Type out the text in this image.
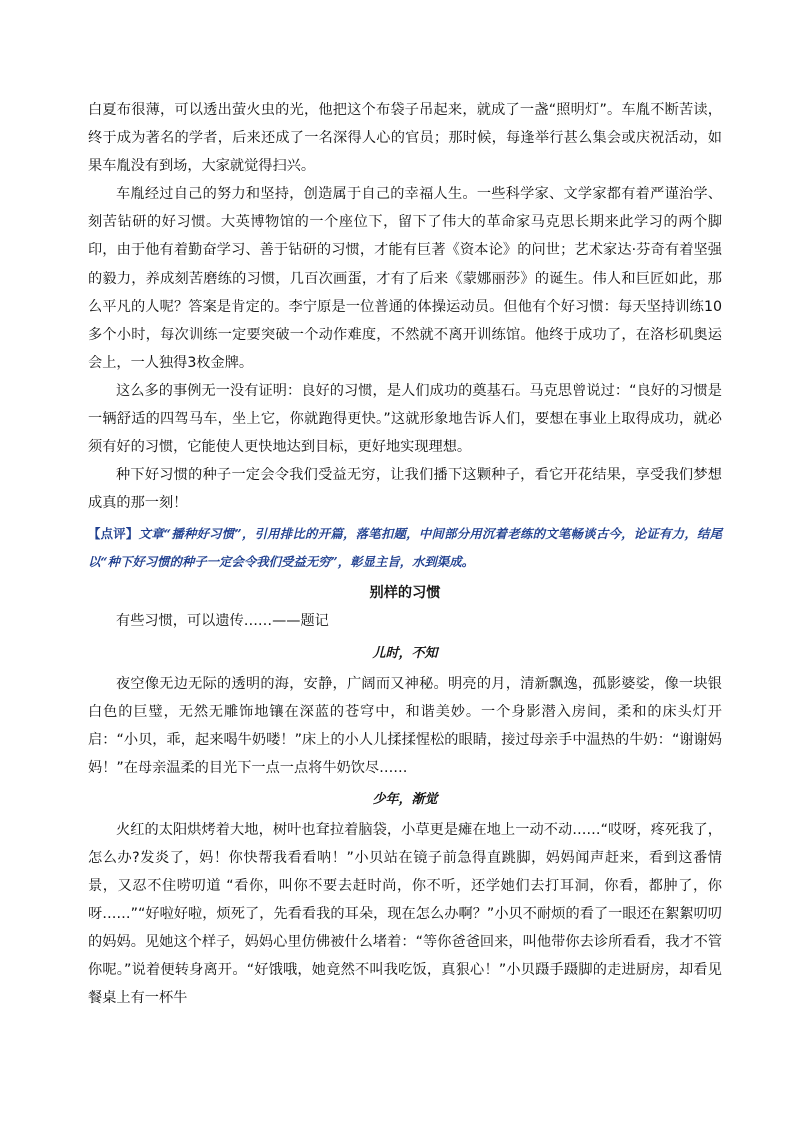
白夏布很薄，可以透出萤火虫的光，他把这个布袋子吊起来，就成了一盏“照明灯”。车胤不断苦读，终于成为著名的学者，后来还成了一名深得人心的官员；那时候，每逢举行甚么集会或庆祝活动，如果车胤没有到场，大家就觉得扫兴。

车胤经过自己的努力和坚持，创造属于自己的幸福人生。一些科学家、文学家都有着严谨治学、刻苦钻研的好习惯。大英博物馆的一个座位下，留下了伟大的革命家马克思长期来此学习的两个脚印，由于他有着勤奋学习、善于钻研的习惯，才能有巨著《资本论》的问世；艺术家达·芬奇有着坚强的毅力，养成刻苦磨练的习惯，几百次画蛋，才有了后来《蒙娜丽莎》的诞生。伟人和巨匠如此，那么平凡的人呢？答案是肯定的。李宁原是一位普通的体操运动员。但他有个好习惯：每天坚持训练10多个小时，每次训练一定要突破一个动作难度，不然就不离开训练馆。他终于成功了，在洛杉矶奥运会上，一人独得3枚金牌。

这么多的事例无一没有证明：良好的习惯，是人们成功的奠基石。马克思曾说过：“良好的习惯是一辆舒适的四驾马车，坐上它，你就跑得更快。”这就形象地告诉人们，要想在事业上取得成功，就必须有好的习惯，它能使人更快地达到目标，更好地实现理想。

种下好习惯的种子一定会令我们受益无穷，让我们播下这颗种子，看它开花结果，享受我们梦想成真的那一刻！

【点评】文章“播种好习惯”，引用排比的开篇，落笔扣题，中间部分用沉着老练的文笔畅谈古今，论证有力，结尾以“种下好习惯的种子一定会令我们受益无穷”，彰显主旨，水到渠成。

别样的习惯

有些习惯，可以遗传……——题记

儿时，不知

夜空像无边无际的透明的海，安静，广阔而又神秘。明亮的月，清新飘逸，孤影婆娑，像一块银白色的巨璧，无然无雕饰地镶在深蓝的苍穹中，和谐美妙。一个身影潜入房间，柔和的床头灯开启：“小贝，乖，起来喝牛奶喽！”床上的小人儿揉揉惺松的眼睛，接过母亲手中温热的牛奶：“谢谢妈妈！”在母亲温柔的目光下一点一点将牛奶饮尽……

少年，渐觉

火红的太阳烘烤着大地，树叶也耷拉着脑袋，小草更是瘫在地上一动不动……“哎呀，疼死我了，怎么办?发炎了，妈！你快帮我看看呐！”小贝站在镜子前急得直跳脚，妈妈闻声赶来，看到这番情景，又忍不住唠叨道 “看你，叫你不要去赶时尚，你不听，还学她们去打耳洞，你看，都肿了，你呀……”“好啦好啦，烦死了，先看看我的耳朵，现在怎么办啊？”小贝不耐烦的看了一眼还在絮絮叨叨的妈妈。见她这个样子，妈妈心里仿佛被什么堵着：“等你爸爸回来，叫他带你去诊所看看，我才不管你呢。”说着便转身离开。“好饿哦，她竟然不叫我吃饭，真狠心！”小贝蹑手蹑脚的走进厨房，却看见餐桌上有一杯牛
